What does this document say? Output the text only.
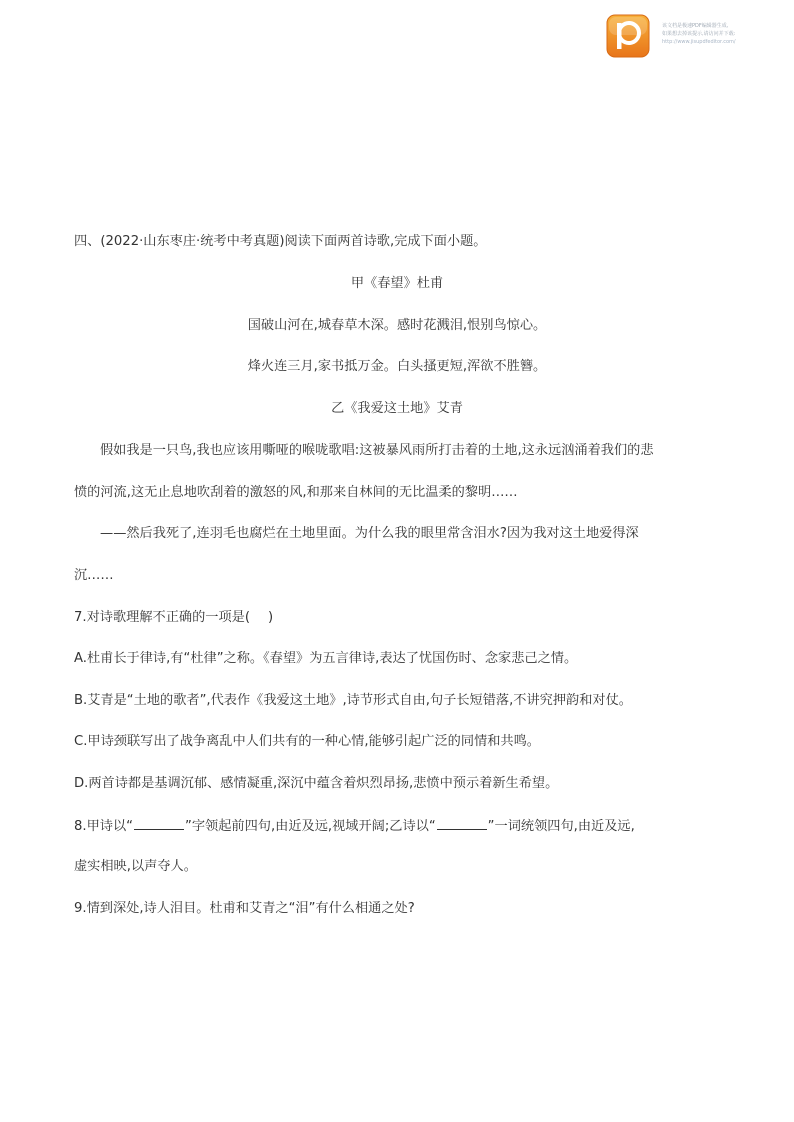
该文档是极速PDF编辑器生成,
如果想去掉该提示,请访问并下载:
http://www.jisupdfeditor.com/
四、(2022·山东枣庄·统考中考真题)阅读下面两首诗歌,完成下面小题。
甲《春望》杜甫
国破山河在,城春草木深。感时花溅泪,恨别鸟惊心。
烽火连三月,家书抵万金。白头搔更短,浑欲不胜簪。
乙《我爱这土地》艾青
假如我是一只鸟,我也应该用嘶哑的喉咙歌唱:这被暴风雨所打击着的土地,这永远汹涌着我们的悲
愤的河流,这无止息地吹刮着的激怒的风,和那来自林间的无比温柔的黎明……
——然后我死了,连羽毛也腐烂在土地里面。为什么我的眼里常含泪水?因为我对这土地爱得深
沉……
7.对诗歌理解不正确的一项是( )
A.杜甫长于律诗,有“杜律”之称。《春望》为五言律诗,表达了忧国伤时、念家悲己之情。
B.艾青是“土地的歌者”,代表作《我爱这土地》,诗节形式自由,句子长短错落,不讲究押韵和对仗。
C.甲诗颈联写出了战争离乱中人们共有的一种心情,能够引起广泛的同情和共鸣。
D.两首诗都是基调沉郁、感情凝重,深沉中蕴含着炽烈昂扬,悲愤中预示着新生希望。
8.甲诗以“	”字领起前四句,由近及远,视域开阔;乙诗以“	”一词统领四句,由近及远,
虚实相映,以声夺人。
9.情到深处,诗人泪目。杜甫和艾青之“泪”有什么相通之处?
